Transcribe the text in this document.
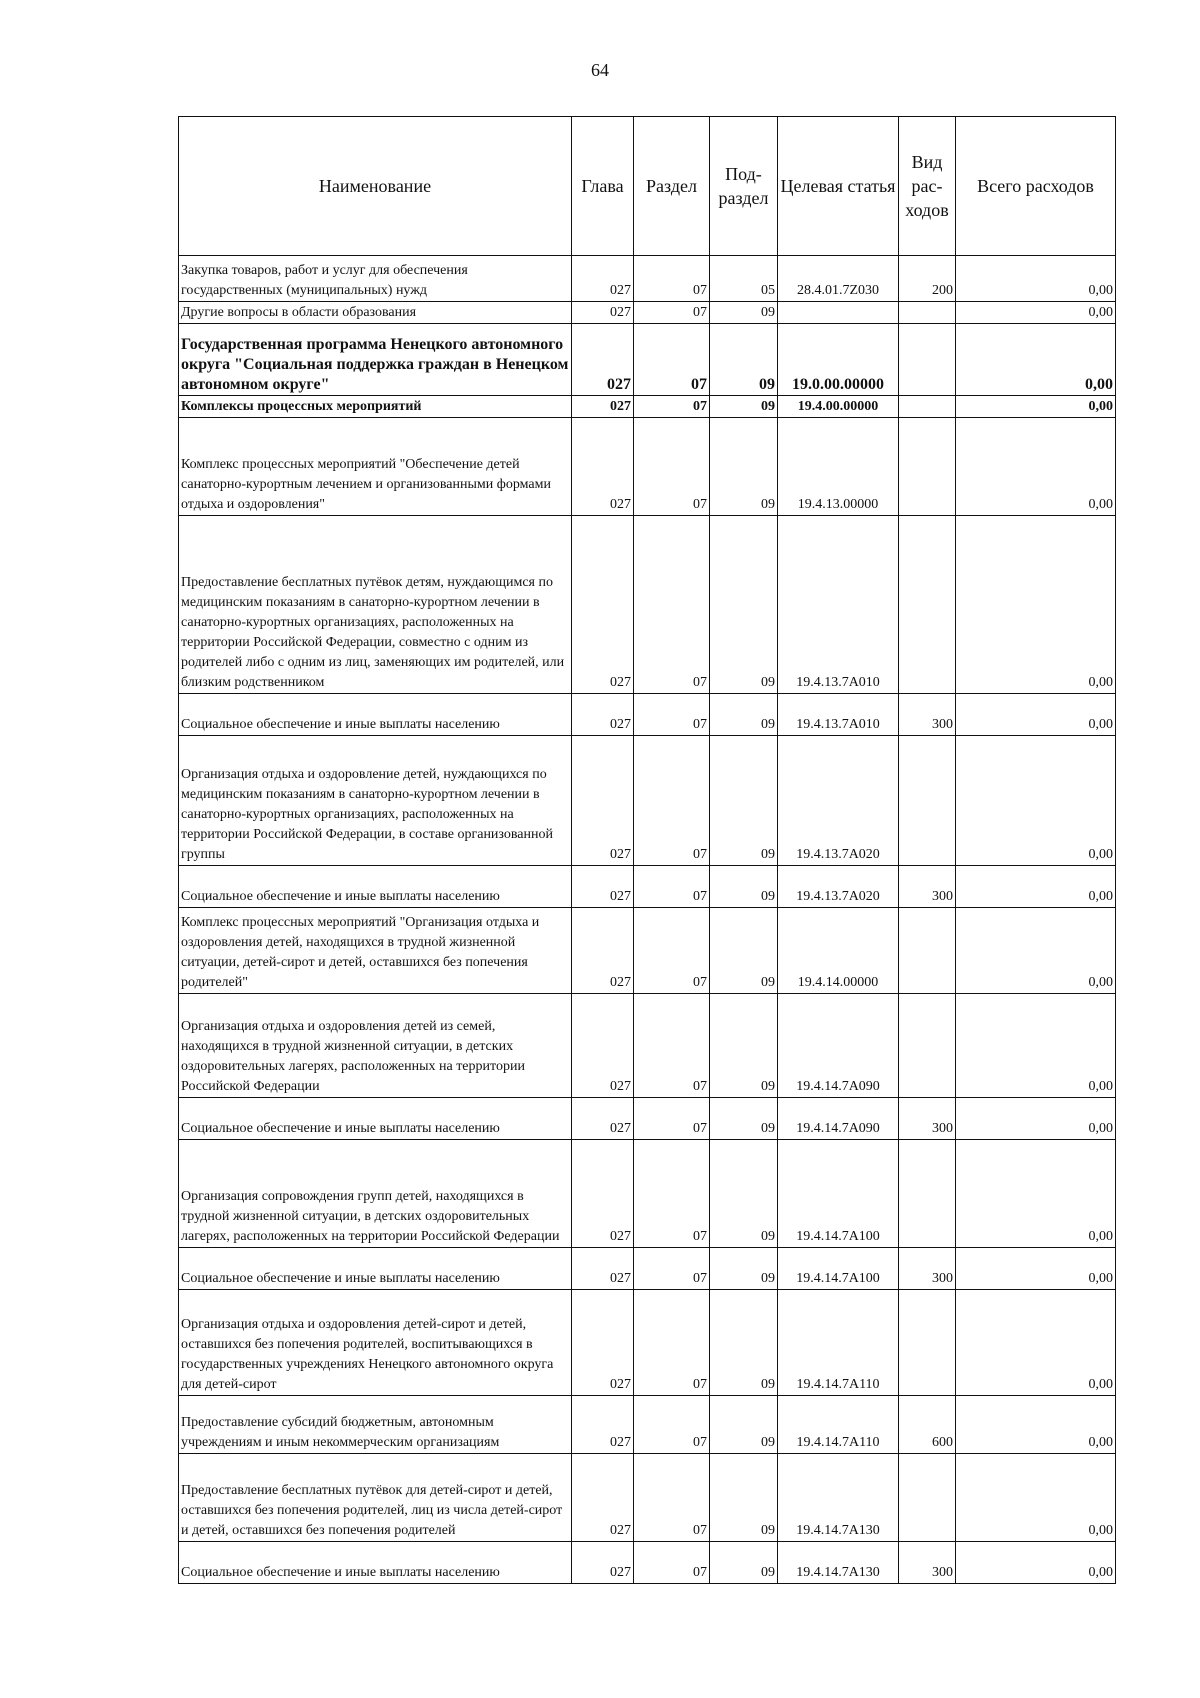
64
Наименование	Глава	Раздел	Под-раздел	Целевая статья	Вид рас-ходов	Всего расходов
Закупка товаров, работ и услуг для обеспечения государственных (муниципальных) нужд	027	07	05	28.4.01.7Z030	200	0,00
Другие вопросы в области образования	027	07	09			0,00
Государственная программа Ненецкого автономного округа "Социальная поддержка граждан в Ненецком автономном округе"	027	07	09	19.0.00.00000		0,00
Комплексы процессных мероприятий	027	07	09	19.4.00.00000		0,00
Комплекс процессных мероприятий "Обеспечение детей санаторно-курортным лечением и организованными формами отдыха и оздоровления"	027	07	09	19.4.13.00000		0,00
Предоставление бесплатных путёвок детям, нуждающимся по медицинским показаниям в санаторно-курортном лечении в санаторно-курортных организациях, расположенных на территории Российской Федерации, совместно с одним из родителей либо с одним из лиц, заменяющих им родителей, или близким родственником	027	07	09	19.4.13.7А010		0,00
Социальное обеспечение и иные выплаты населению	027	07	09	19.4.13.7А010	300	0,00
Организация отдыха и оздоровление детей, нуждающихся по медицинским показаниям в санаторно-курортном лечении в санаторно-курортных организациях, расположенных на территории Российской Федерации, в составе организованной группы	027	07	09	19.4.13.7А020		0,00
Социальное обеспечение и иные выплаты населению	027	07	09	19.4.13.7А020	300	0,00
Комплекс процессных мероприятий "Организация отдыха и оздоровления детей, находящихся в трудной жизненной ситуации, детей-сирот и детей, оставшихся без попечения родителей"	027	07	09	19.4.14.00000		0,00
Организация отдыха и оздоровления детей из семей, находящихся в трудной жизненной ситуации, в детских оздоровительных лагерях, расположенных на территории Российской Федерации	027	07	09	19.4.14.7А090		0,00
Социальное обеспечение и иные выплаты населению	027	07	09	19.4.14.7А090	300	0,00
Организация сопровождения групп детей, находящихся в трудной жизненной ситуации, в детских оздоровительных лагерях, расположенных на территории Российской Федерации	027	07	09	19.4.14.7А100		0,00
Социальное обеспечение и иные выплаты населению	027	07	09	19.4.14.7А100	300	0,00
Организация отдыха и оздоровления детей-сирот и детей, оставшихся без попечения родителей, воспитывающихся в государственных учреждениях Ненецкого автономного округа для детей-сирот	027	07	09	19.4.14.7А110		0,00
Предоставление субсидий бюджетным, автономным учреждениям и иным некоммерческим организациям	027	07	09	19.4.14.7А110	600	0,00
Предоставление бесплатных путёвок для детей-сирот и детей, оставшихся без попечения родителей, лиц из числа детей-сирот и детей, оставшихся без попечения родителей	027	07	09	19.4.14.7А130		0,00
Социальное обеспечение и иные выплаты населению	027	07	09	19.4.14.7А130	300	0,00
